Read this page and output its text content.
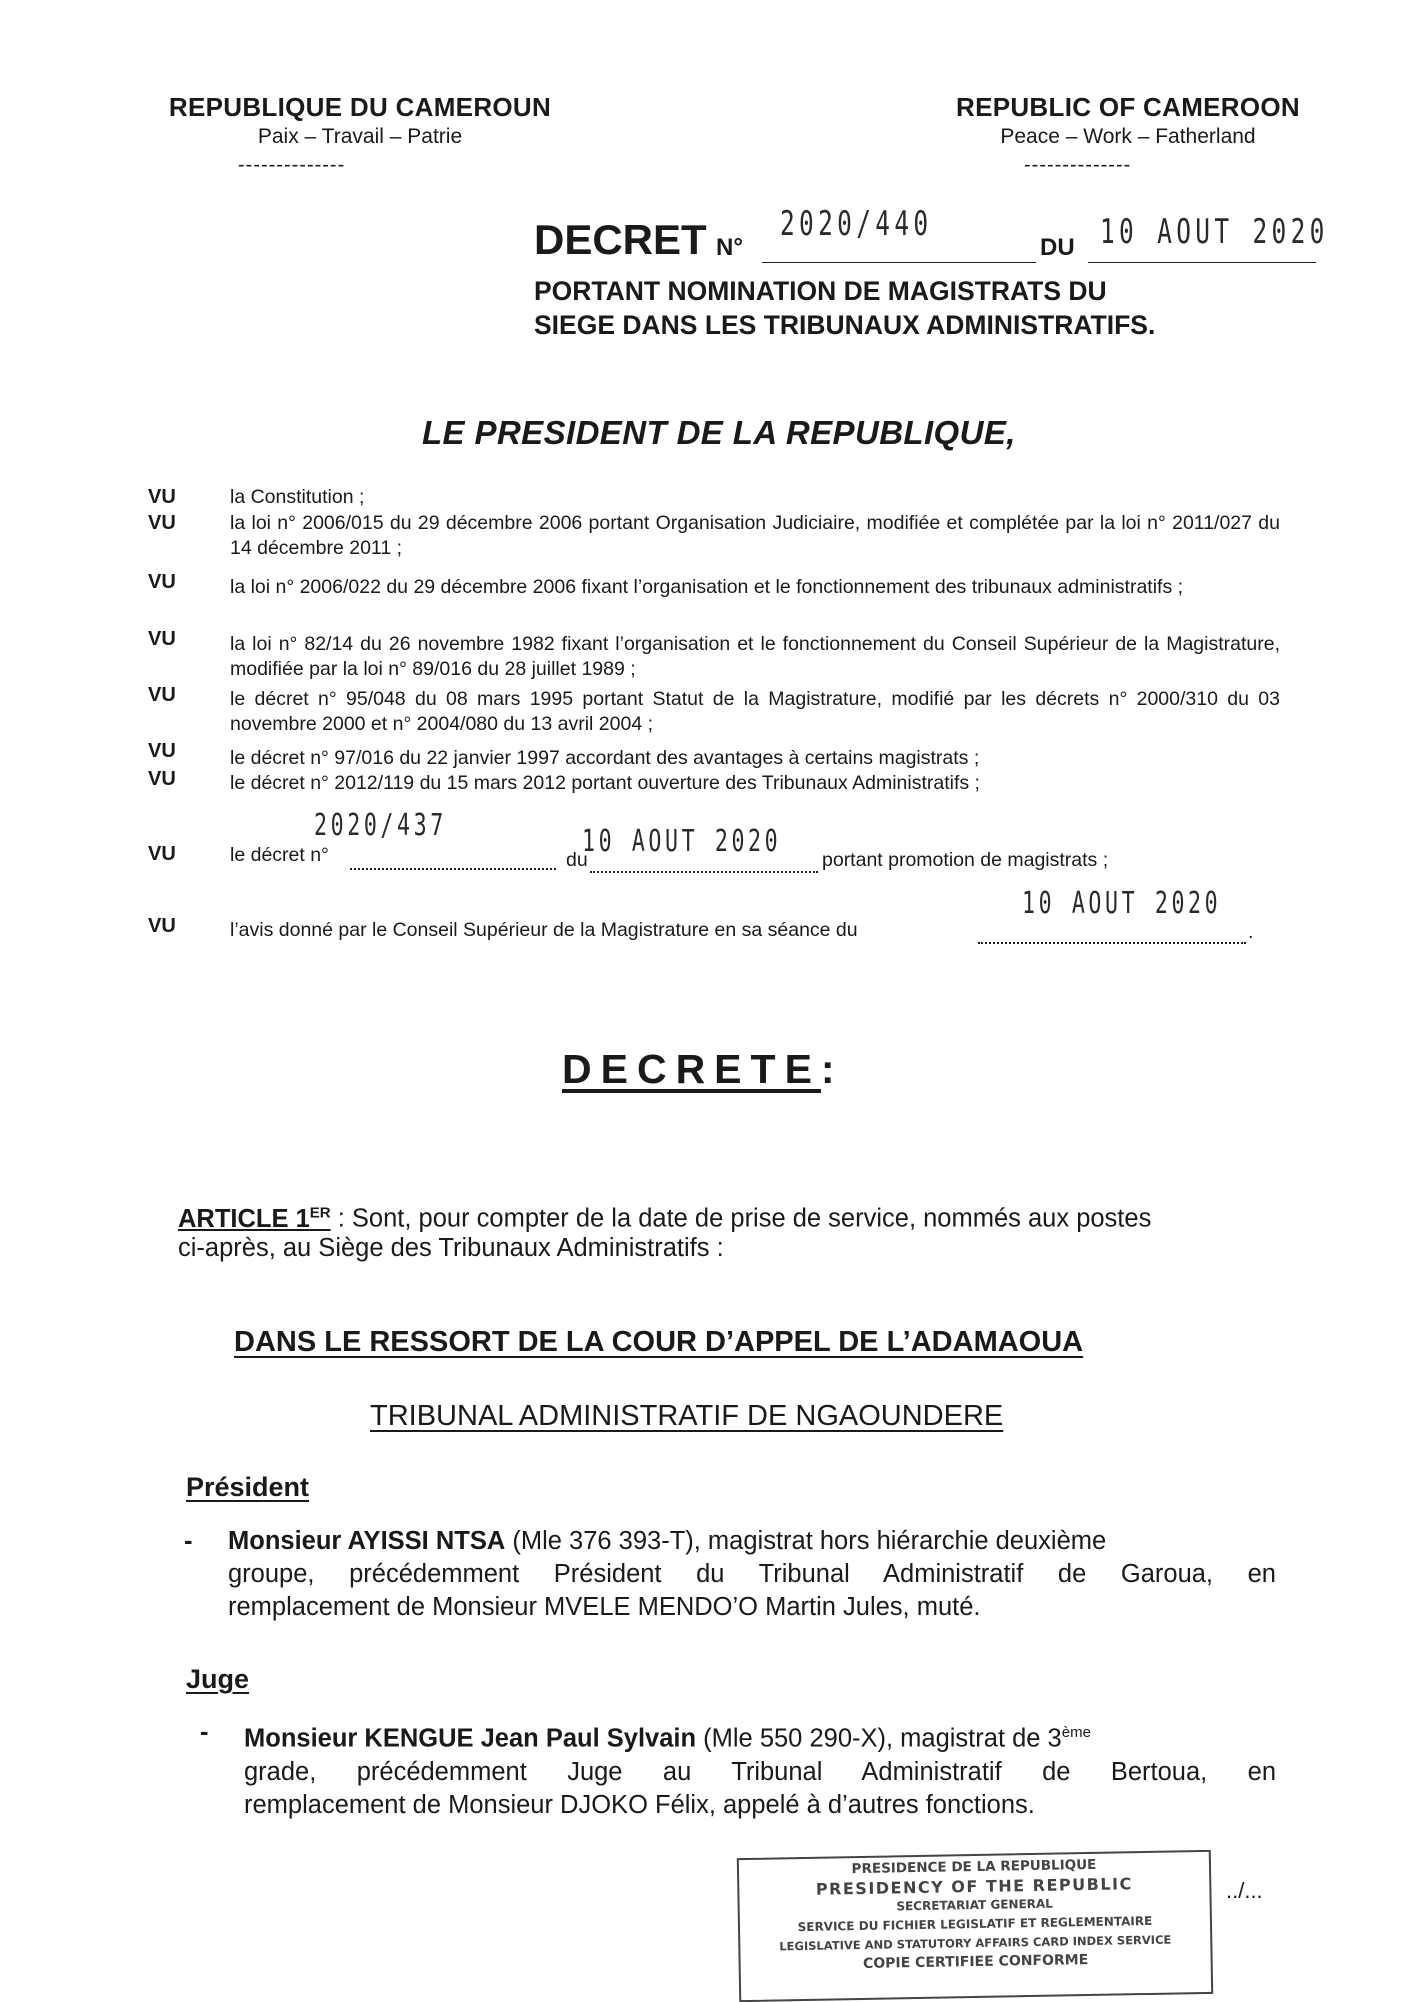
REPUBLIQUE DU CAMEROUN
Paix – Travail – Patrie
--------------
REPUBLIC OF CAMEROON
Peace – Work – Fatherland
--------------
DECRET N°
2020/440
DU 10 AOUT 2020
PORTANT NOMINATION DE MAGISTRATS DU
SIEGE DANS LES TRIBUNAUX ADMINISTRATIFS.
LE PRESIDENT DE LA REPUBLIQUE,
VU	la Constitution ;
VU	la loi n° 2006/015 du 29 décembre 2006 portant Organisation Judiciaire, modifiée et complétée par la loi n° 2011/027 du 14 décembre 2011 ;
VU	la loi n° 2006/022 du 29 décembre 2006 fixant l’organisation et le fonctionnement des tribunaux administratifs ;
VU	la loi n° 82/14 du 26 novembre 1982 fixant l’organisation et le fonctionnement du Conseil Supérieur de la Magistrature, modifiée par la loi n° 89/016 du 28 juillet 1989 ;
VU	le décret n° 95/048 du 08 mars 1995 portant Statut de la Magistrature, modifié par les décrets n° 2000/310 du 03 novembre 2000 et n° 2004/080 du 13 avril 2004 ;
VU	le décret n° 97/016 du 22 janvier 1997 accordant des avantages à certains magistrats ;
VU	le décret n° 2012/119 du 15 mars 2012 portant ouverture des Tribunaux Administratifs ;
VU	le décret n°
2020/437
du
10 AOUT 2020
portant promotion de magistrats ;
VU	l’avis donné par le Conseil Supérieur de la Magistrature en sa séance du
10 AOUT 2020
.
DECRETE:
ARTICLE 1ER : Sont, pour compter de la date de prise de service, nommés aux postes
ci-après, au Siège des Tribunaux Administratifs :
DANS LE RESSORT DE LA COUR D’APPEL DE L’ADAMAOUA
TRIBUNAL ADMINISTRATIF DE NGAOUNDERE
Président
- Monsieur AYISSI NTSA (Mle 376 393-T), magistrat hors hiérarchie deuxième
groupe, précédemment Président du Tribunal Administratif de Garoua, en
remplacement de Monsieur MVELE MENDO’O Martin Jules, muté.
Juge
- Monsieur KENGUE Jean Paul Sylvain (Mle 550 290-X), magistrat de 3ème
grade, précédemment Juge au Tribunal Administratif de Bertoua, en
remplacement de Monsieur DJOKO Félix, appelé à d’autres fonctions.
PRESIDENCE DE LA REPUBLIQUE
PRESIDENCY OF THE REPUBLIC
SECRETARIAT GENERAL
SERVICE DU FICHIER LEGISLATIF ET REGLEMENTAIRE
LEGISLATIVE AND STATUTORY AFFAIRS CARD INDEX SERVICE
COPIE CERTIFIEE CONFORME
../...
